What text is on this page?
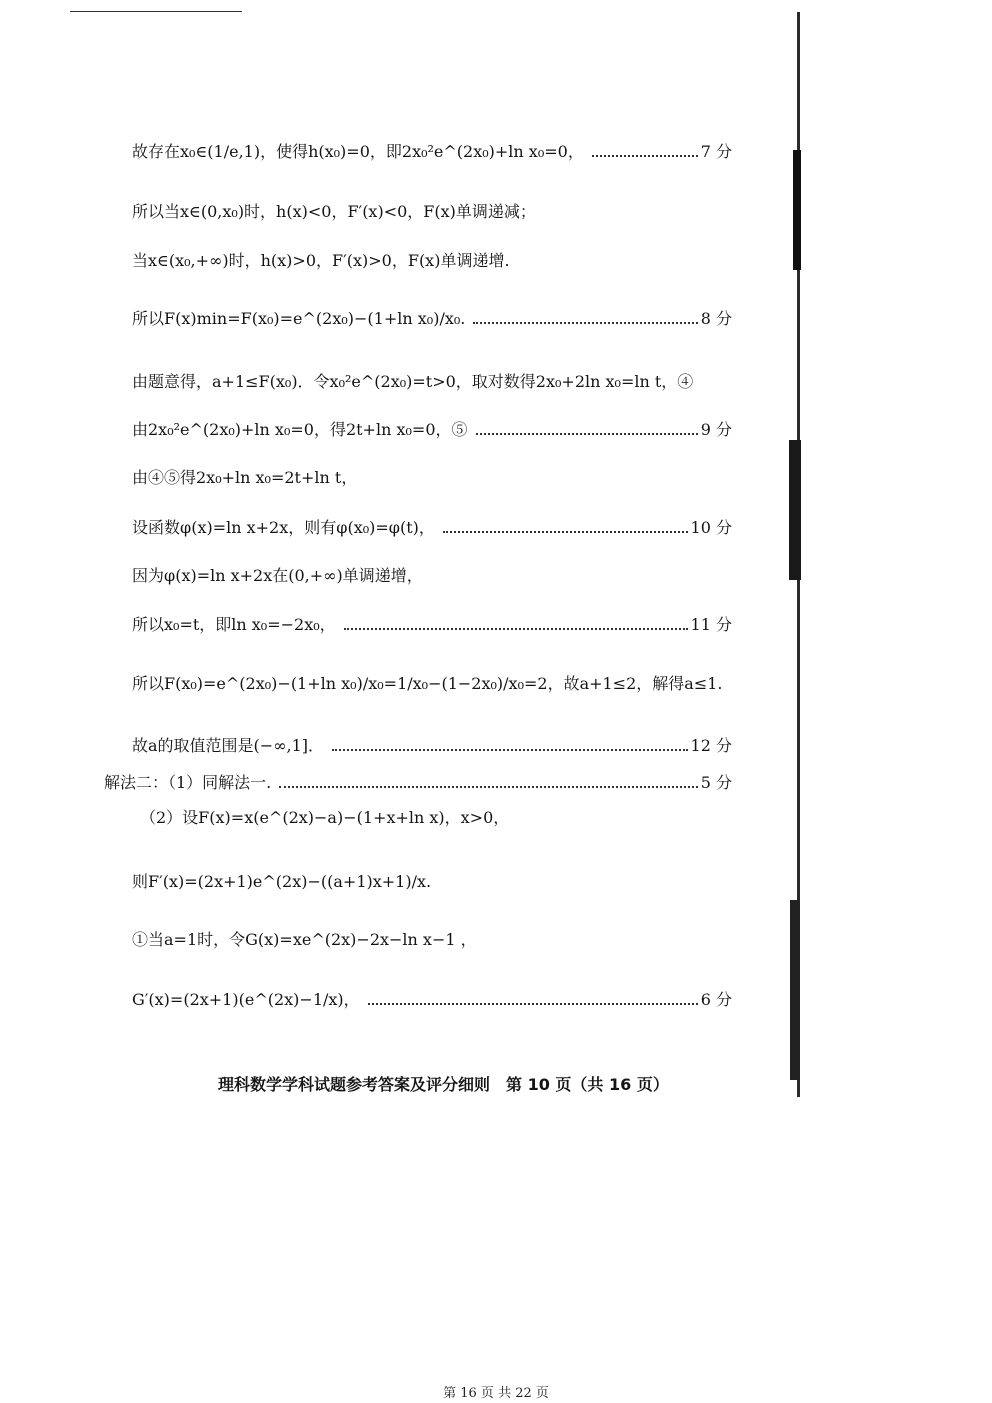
故存在x₀∈(1/e,1)，使得h(x₀)=0，即2x₀²e^(2x₀)+ln x₀=0，	7 分
所以当x∈(0,x₀)时，h(x)<0，F′(x)<0，F(x)单调递减；
当x∈(x₀,+∞)时，h(x)>0，F′(x)>0，F(x)单调递增.
所以F(x)min=F(x₀)=e^(2x₀)−(1+ln x₀)/x₀.	8 分
由题意得，a+1≤F(x₀)．令x₀²e^(2x₀)=t>0，取对数得2x₀+2ln x₀=ln t，④
由2x₀²e^(2x₀)+ln x₀=0，得2t+ln x₀=0，⑤	9 分
由④⑤得2x₀+ln x₀=2t+ln t，
设函数φ(x)=ln x+2x，则有φ(x₀)=φ(t)，	10 分
因为φ(x)=ln x+2x在(0,+∞)单调递增，
所以x₀=t，即ln x₀=−2x₀，	11 分
所以F(x₀)=e^(2x₀)−(1+ln x₀)/x₀=1/x₀−(1−2x₀)/x₀=2，故a+1≤2，解得a≤1.
故a的取值范围是(−∞,1]．	12 分
解法二：（1）同解法一.	5 分
（2）设F(x)=x(e^(2x)−a)−(1+x+ln x)，x>0，
则F′(x)=(2x+1)e^(2x)−((a+1)x+1)/x.
①当a=1时，令G(x)=xe^(2x)−2x−ln x−1 ，
G′(x)=(2x+1)(e^(2x)−1/x)，	6 分
理科数学学科试题参考答案及评分细则　第 10 页（共 16 页）
第 16 页 共 22 页
